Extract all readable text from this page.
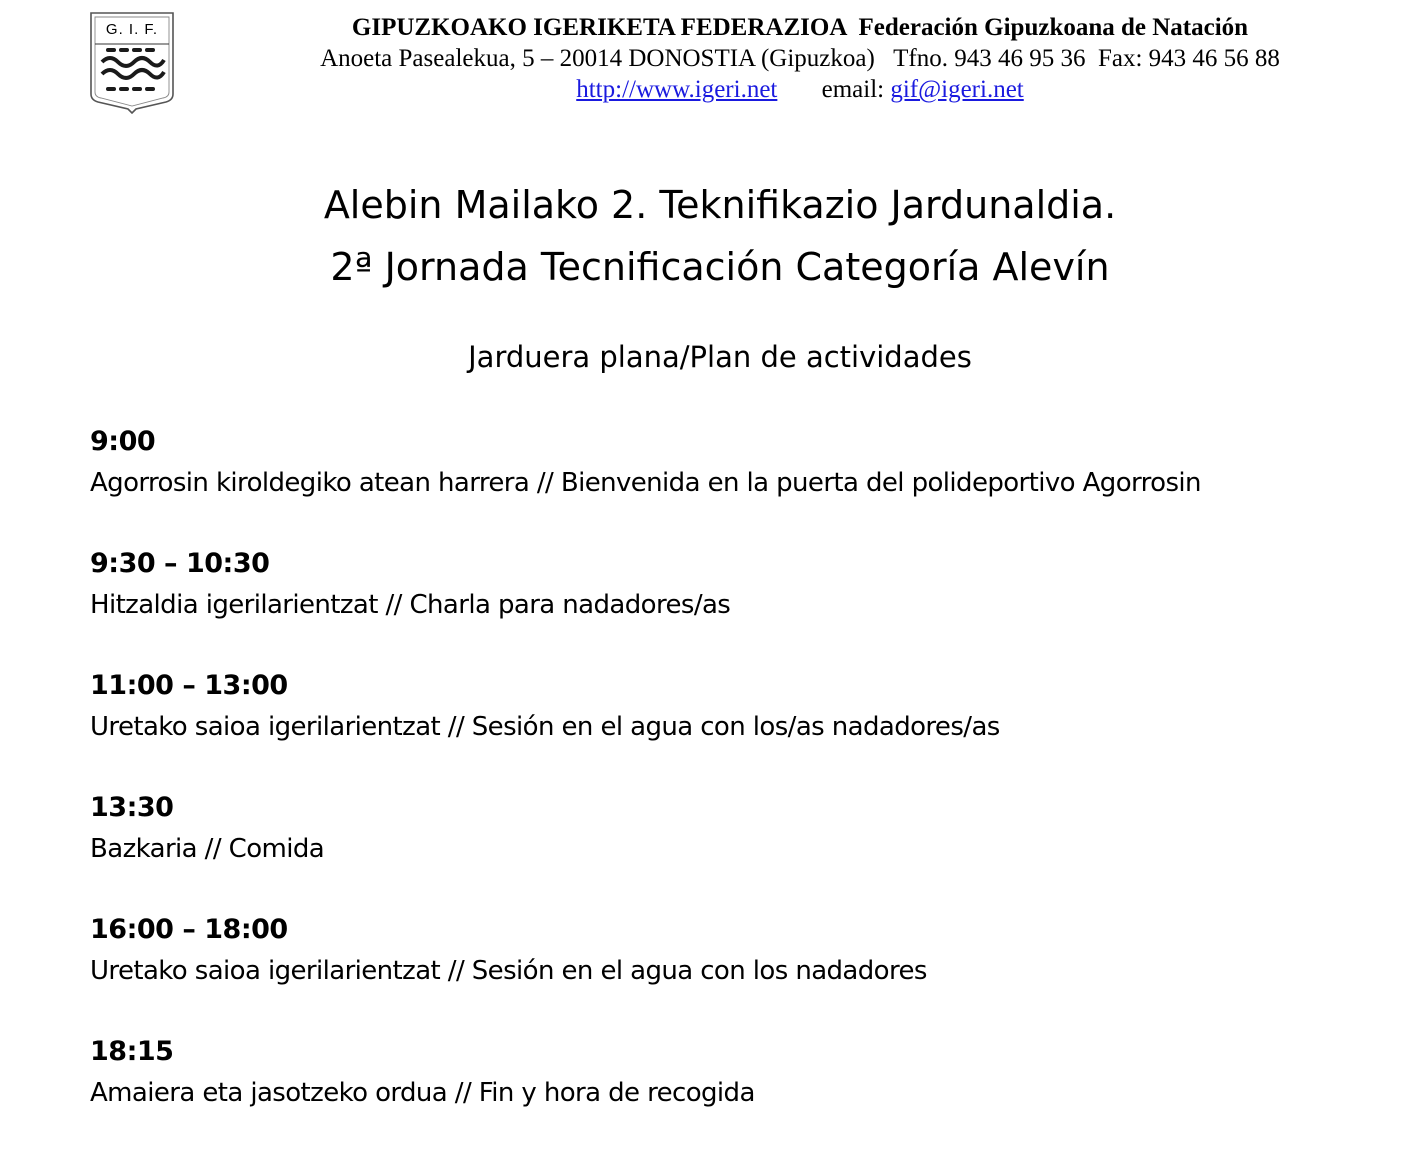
G. I. F.	GIPUZKOAKO IGERIKETA FEDERAZIOA  Federación Gipuzkoana de Natación
Anoeta Pasealekua, 5 – 20014 DONOSTIA (Gipuzkoa)   Tfno. 943 46 95 36  Fax: 943 46 56 88
http://www.igeri.net email: gif@igeri.net
Alebin Mailako 2. Teknifikazio Jardunaldia.
2ª Jornada Tecnificación Categoría Alevín
Jarduera plana/Plan de actividades
9:00
Agorrosin kiroldegiko atean harrera // Bienvenida en la puerta del polideportivo Agorrosin
9:30 – 10:30
Hitzaldia igerilarientzat // Charla para nadadores/as
11:00 – 13:00
Uretako saioa igerilarientzat // Sesión en el agua con los/as nadadores/as
13:30
Bazkaria // Comida
16:00 – 18:00
Uretako saioa igerilarientzat // Sesión en el agua con los nadadores
18:15
Amaiera eta jasotzeko ordua // Fin y hora de recogida
